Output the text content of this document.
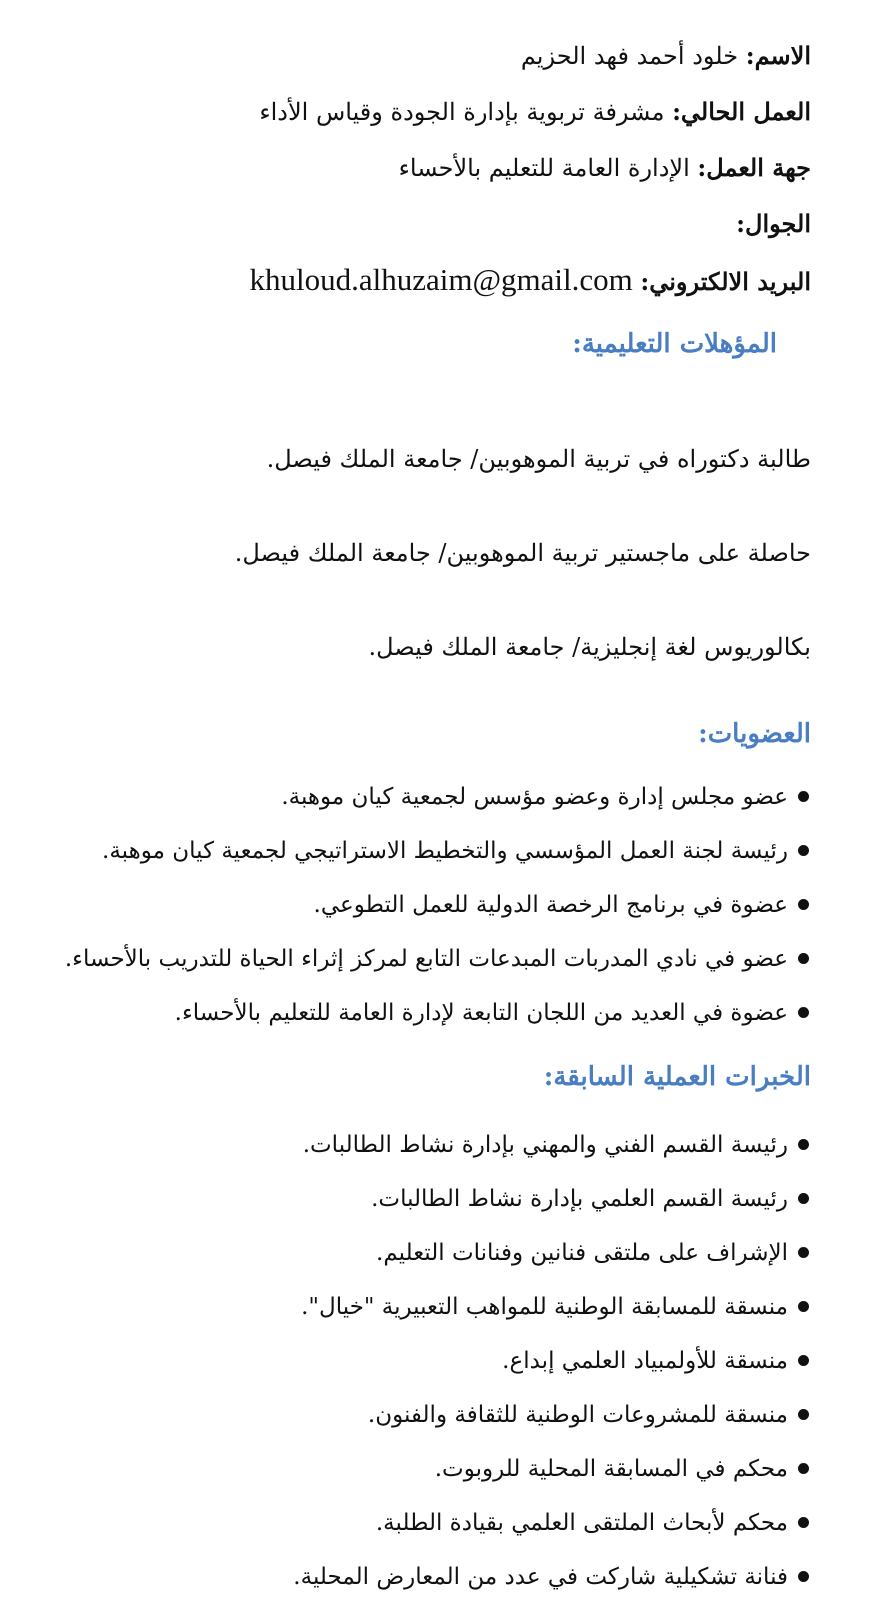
الاسم: خلود أحمد فهد الحزيم
العمل الحالي: مشرفة تربوية بإدارة الجودة وقياس الأداء
جهة العمل: الإدارة العامة للتعليم بالأحساء
الجوال:
البريد الالكتروني: khuloud.alhuzaim@gmail.com
المؤهلات التعليمية:
طالبة دكتوراه في تربية الموهوبين/ جامعة الملك فيصل.
حاصلة على ماجستير تربية الموهوبين/ جامعة الملك فيصل.
بكالوريوس لغة إنجليزية/ جامعة الملك فيصل.
العضويات:
عضو مجلس إدارة وعضو مؤسس لجمعية كيان موهبة.
رئيسة لجنة العمل المؤسسي والتخطيط الاستراتيجي لجمعية كيان موهبة.
عضوة في برنامج الرخصة الدولية للعمل التطوعي.
عضو في نادي المدربات المبدعات التابع لمركز إثراء الحياة للتدريب بالأحساء.
عضوة في العديد من اللجان التابعة لإدارة العامة للتعليم بالأحساء.
الخبرات العملية السابقة:
رئيسة القسم الفني والمهني بإدارة نشاط الطالبات.
رئيسة القسم العلمي بإدارة نشاط الطالبات.
الإشراف على ملتقى فنانين وفنانات التعليم.
منسقة للمسابقة الوطنية للمواهب التعبيرية "خيال".
منسقة للأولمبياد العلمي إبداع.
منسقة للمشروعات الوطنية للثقافة والفنون.
محكم في المسابقة المحلية للروبوت.
محكم لأبحاث الملتقى العلمي بقيادة الطلبة.
فنانة تشكيلية شاركت في عدد من المعارض المحلية.
